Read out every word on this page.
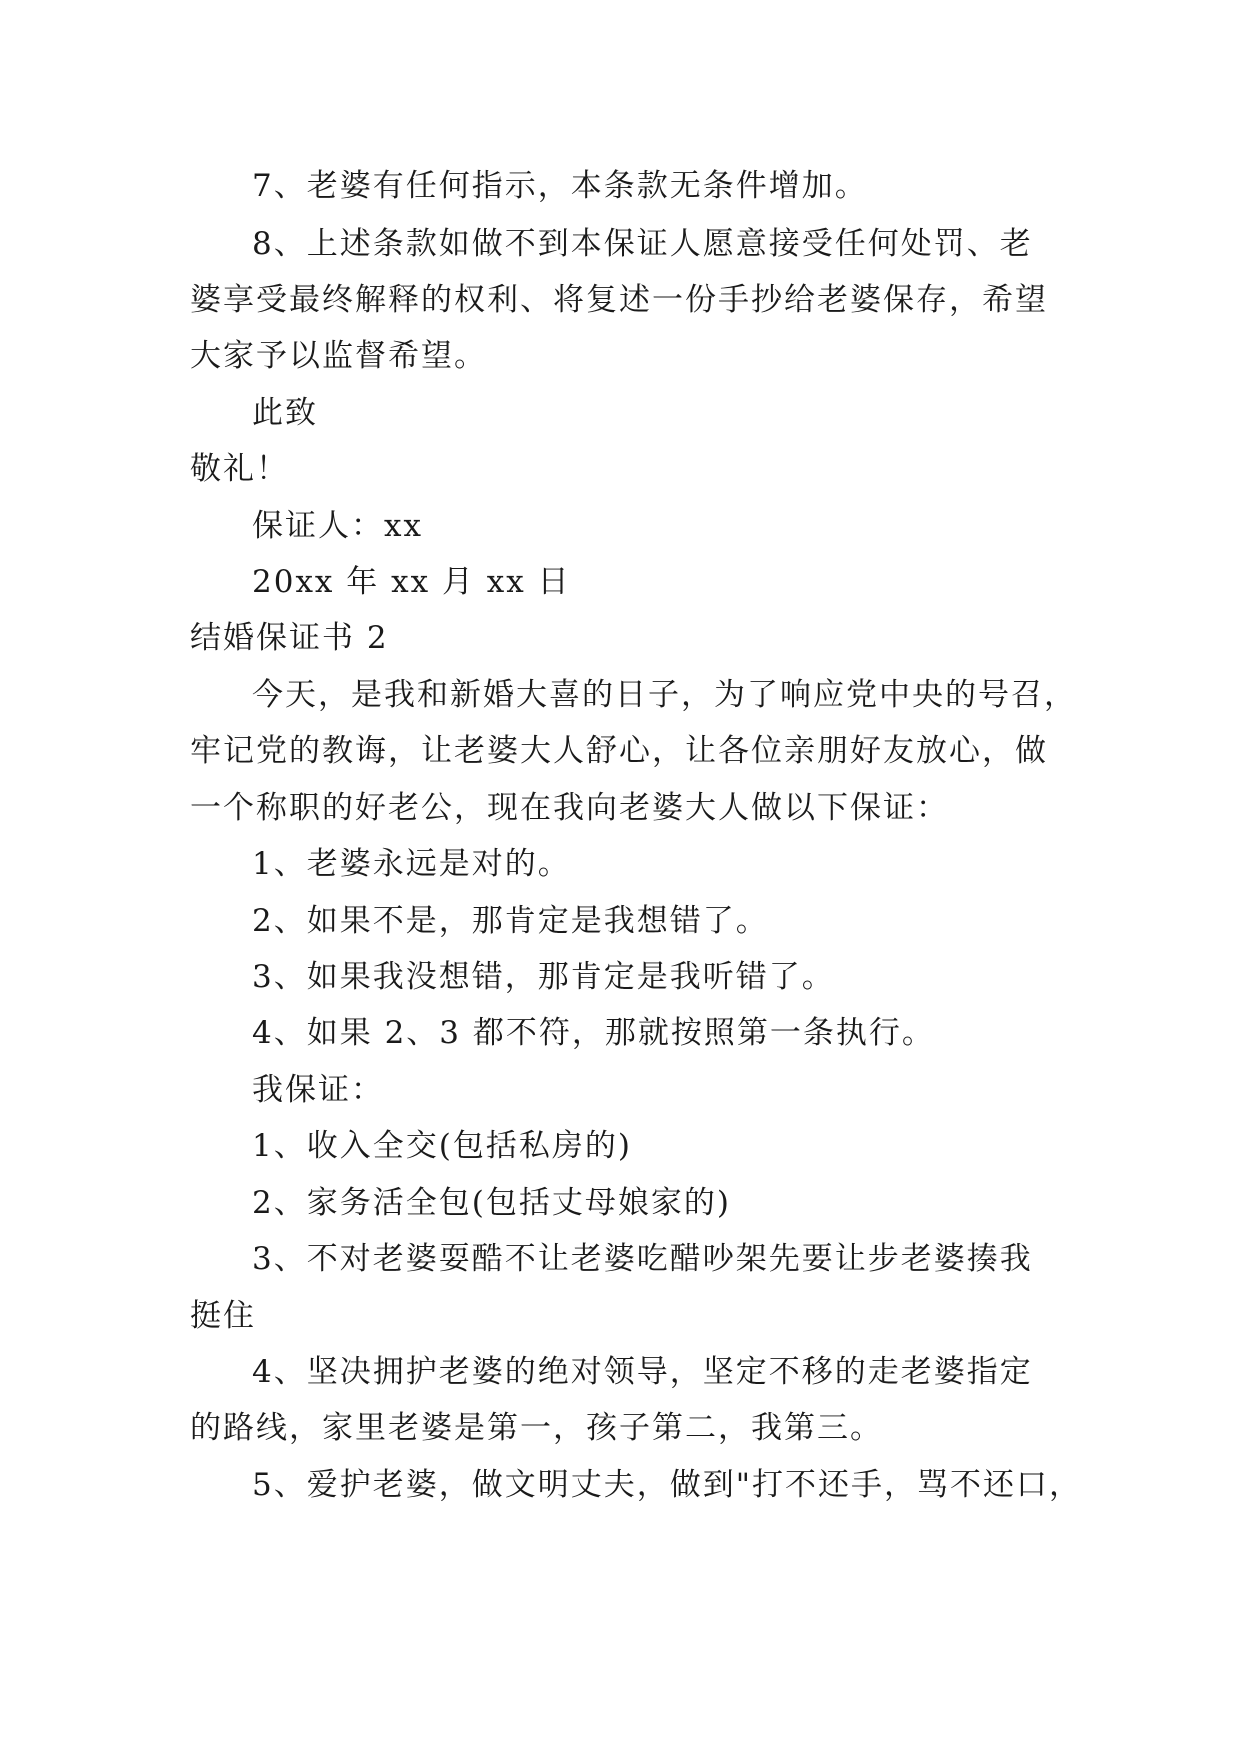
7、老婆有任何指示，本条款无条件增加。
8、上述条款如做不到本保证人愿意接受任何处罚、老
婆享受最终解释的权利、将复述一份手抄给老婆保存，希望
大家予以监督希望。
此致
敬礼！
保证人：xx
20xx 年 xx 月 xx 日
结婚保证书 2
今天，是我和新婚大喜的日子，为了响应党中央的号召，
牢记党的教诲，让老婆大人舒心，让各位亲朋好友放心，做
一个称职的好老公，现在我向老婆大人做以下保证：
1、老婆永远是对的。
2、如果不是，那肯定是我想错了。
3、如果我没想错，那肯定是我听错了。
4、如果 2、3 都不符，那就按照第一条执行。
我保证：
1、收入全交(包括私房的)
2、家务活全包(包括丈母娘家的)
3、不对老婆耍酷不让老婆吃醋吵架先要让步老婆揍我
挺住
4、坚决拥护老婆的绝对领导，坚定不移的走老婆指定
的路线，家里老婆是第一，孩子第二，我第三。
5、爱护老婆，做文明丈夫，做到"打不还手，骂不还口，
